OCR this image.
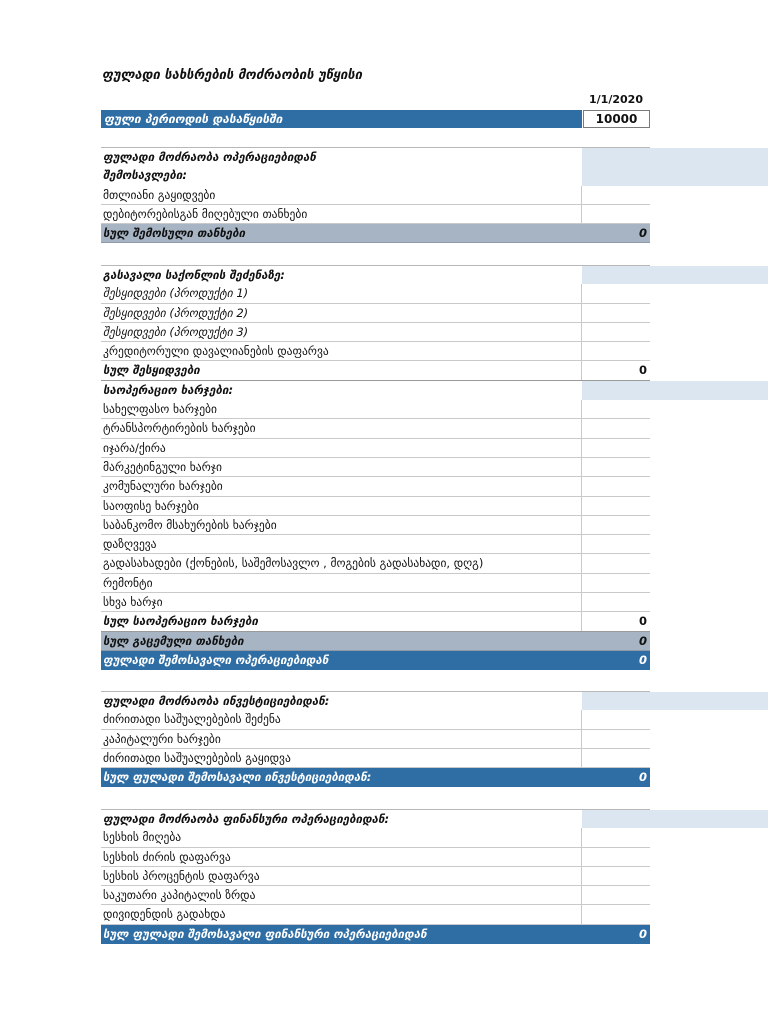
ფულადი სახსრების მოძრაობის უწყისი
1/1/2020
ფული პერიოდის დასაწყისში	10000
ფულადი მოძრაობა ოპერაციებიდან
შემოსავლები:
მთლიანი გაყიდვები
დებიტორებისგან მიღებული თანხები
სულ შემოსული თანხები	0
გასავალი საქონლის შეძენაზე:
შესყიდვები (პროდუქტი 1)
შესყიდვები (პროდუქტი 2)
შესყიდვები (პროდუქტი 3)
კრედიტორული დავალიანების დაფარვა
სულ შესყიდვები	0
საოპერაციო ხარჯები:
სახელფასო ხარჯები
ტრანსპორტირების ხარჯები
იჯარა/ქირა
მარკეტინგული ხარჯი
კომუნალური ხარჯები
საოფისე ხარჯები
საბანკომო მსახურების ხარჯები
დაზღვევა
გადასახადები (ქონების, საშემოსავლო , მოგების გადასახადი, დღგ)
რემონტი
სხვა ხარჯი
სულ საოპერაციო ხარჯები	0
სულ გაცემული თანხები	0
ფულადი შემოსავალი ოპერაციებიდან	0
ფულადი მოძრაობა ინვესტიციებიდან:
ძირითადი საშუალებების შეძენა
კაპიტალური ხარჯები
ძირითადი საშუალებების გაყიდვა
სულ ფულადი შემოსავალი ინვესტიციებიდან:	0
ფულადი მოძრაობა ფინანსური ოპერაციებიდან:
სესხის მიღება
სესხის ძირის დაფარვა
სესხის პროცენტის დაფარვა
საკუთარი კაპიტალის ზრდა
დივიდენდის გადახდა
სულ ფულადი შემოსავალი ფინანსური ოპერაციებიდან	0
